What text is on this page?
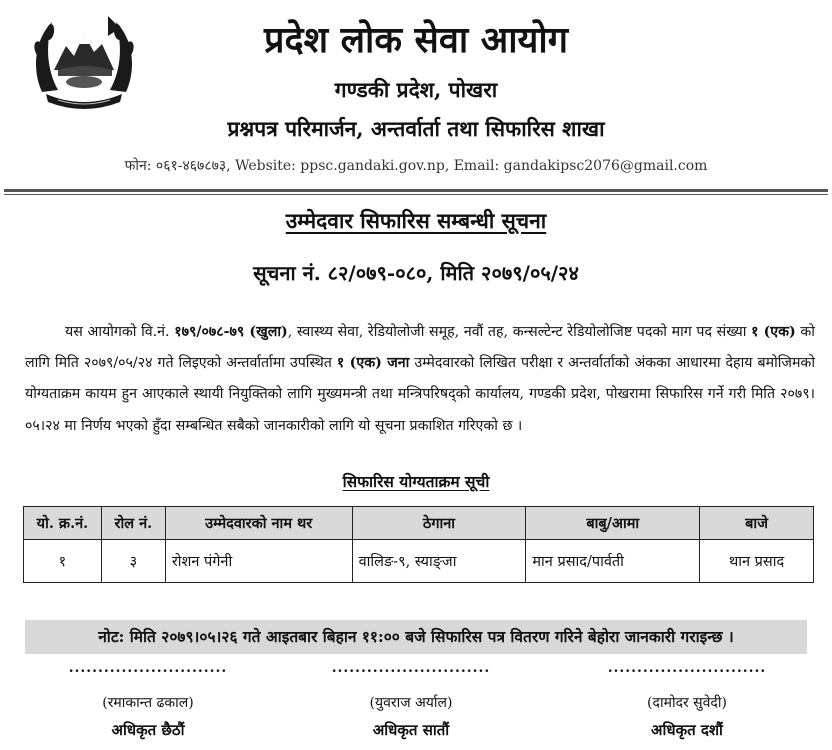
प्रदेश लोक सेवा आयोग
गण्डकी प्रदेश, पोखरा
प्रश्नपत्र परिमार्जन, अन्तर्वार्ता तथा सिफारिस शाखा
फोन: ०६१-४६७८७३, Website: ppsc.gandaki.gov.np, Email: gandakipsc2076@gmail.com
उम्मेदवार सिफारिस सम्बन्धी सूचना
सूचना नं. ८२/०७९-०८०, मिति २०७९/०५/२४
यस आयोगको वि.नं. १७९/०७८-७९ (खुला), स्वास्थ्य सेवा, रेडियोलोजी समूह, नवौं तह, कन्सल्टेन्ट रेडियोलोजिष्ट पदको माग पद संख्या १ (एक) को लागि मिति २०७९/०५/२४ गते लिइएको अन्तर्वार्तामा उपस्थित १ (एक) जना उम्मेदवारको लिखित परीक्षा र अन्तर्वार्ताको अंकका आधारमा देहाय बमोजिमको योग्यताक्रम कायम हुन आएकाले स्थायी नियुक्तिको लागि मुख्यमन्त्री तथा मन्त्रिपरिषद्को कार्यालय, गण्डकी प्रदेश, पोखरामा सिफारिस गर्ने गरी मिति २०७९।०५।२४ मा निर्णय भएको हुँदा सम्बन्धित सबैको जानकारीको लागि यो सूचना प्रकाशित गरिएको छ ।
सिफारिस योग्यताक्रम सूची
यो. क्र.नं.	रोल नं.	उम्मेदवारको नाम थर	ठेगाना	बाबु/आमा	बाजे
१	३	रोशन पंगेनी	वालिङ-९, स्याङ्जा	मान प्रसाद/पार्वती	थान प्रसाद
नोट: मिति २०७९।०५।२६ गते आइतबार बिहान ११:०० बजे सिफारिस पत्र वितरण गरिने बेहोरा जानकारी गराइन्छ ।
...........................
(रमाकान्त ढकाल)
अधिकृत छैठौं
...........................
(युवराज अर्याल)
अधिकृत सातौं
...........................
(दामोदर सुवेदी)
अधिकृत दशौं
